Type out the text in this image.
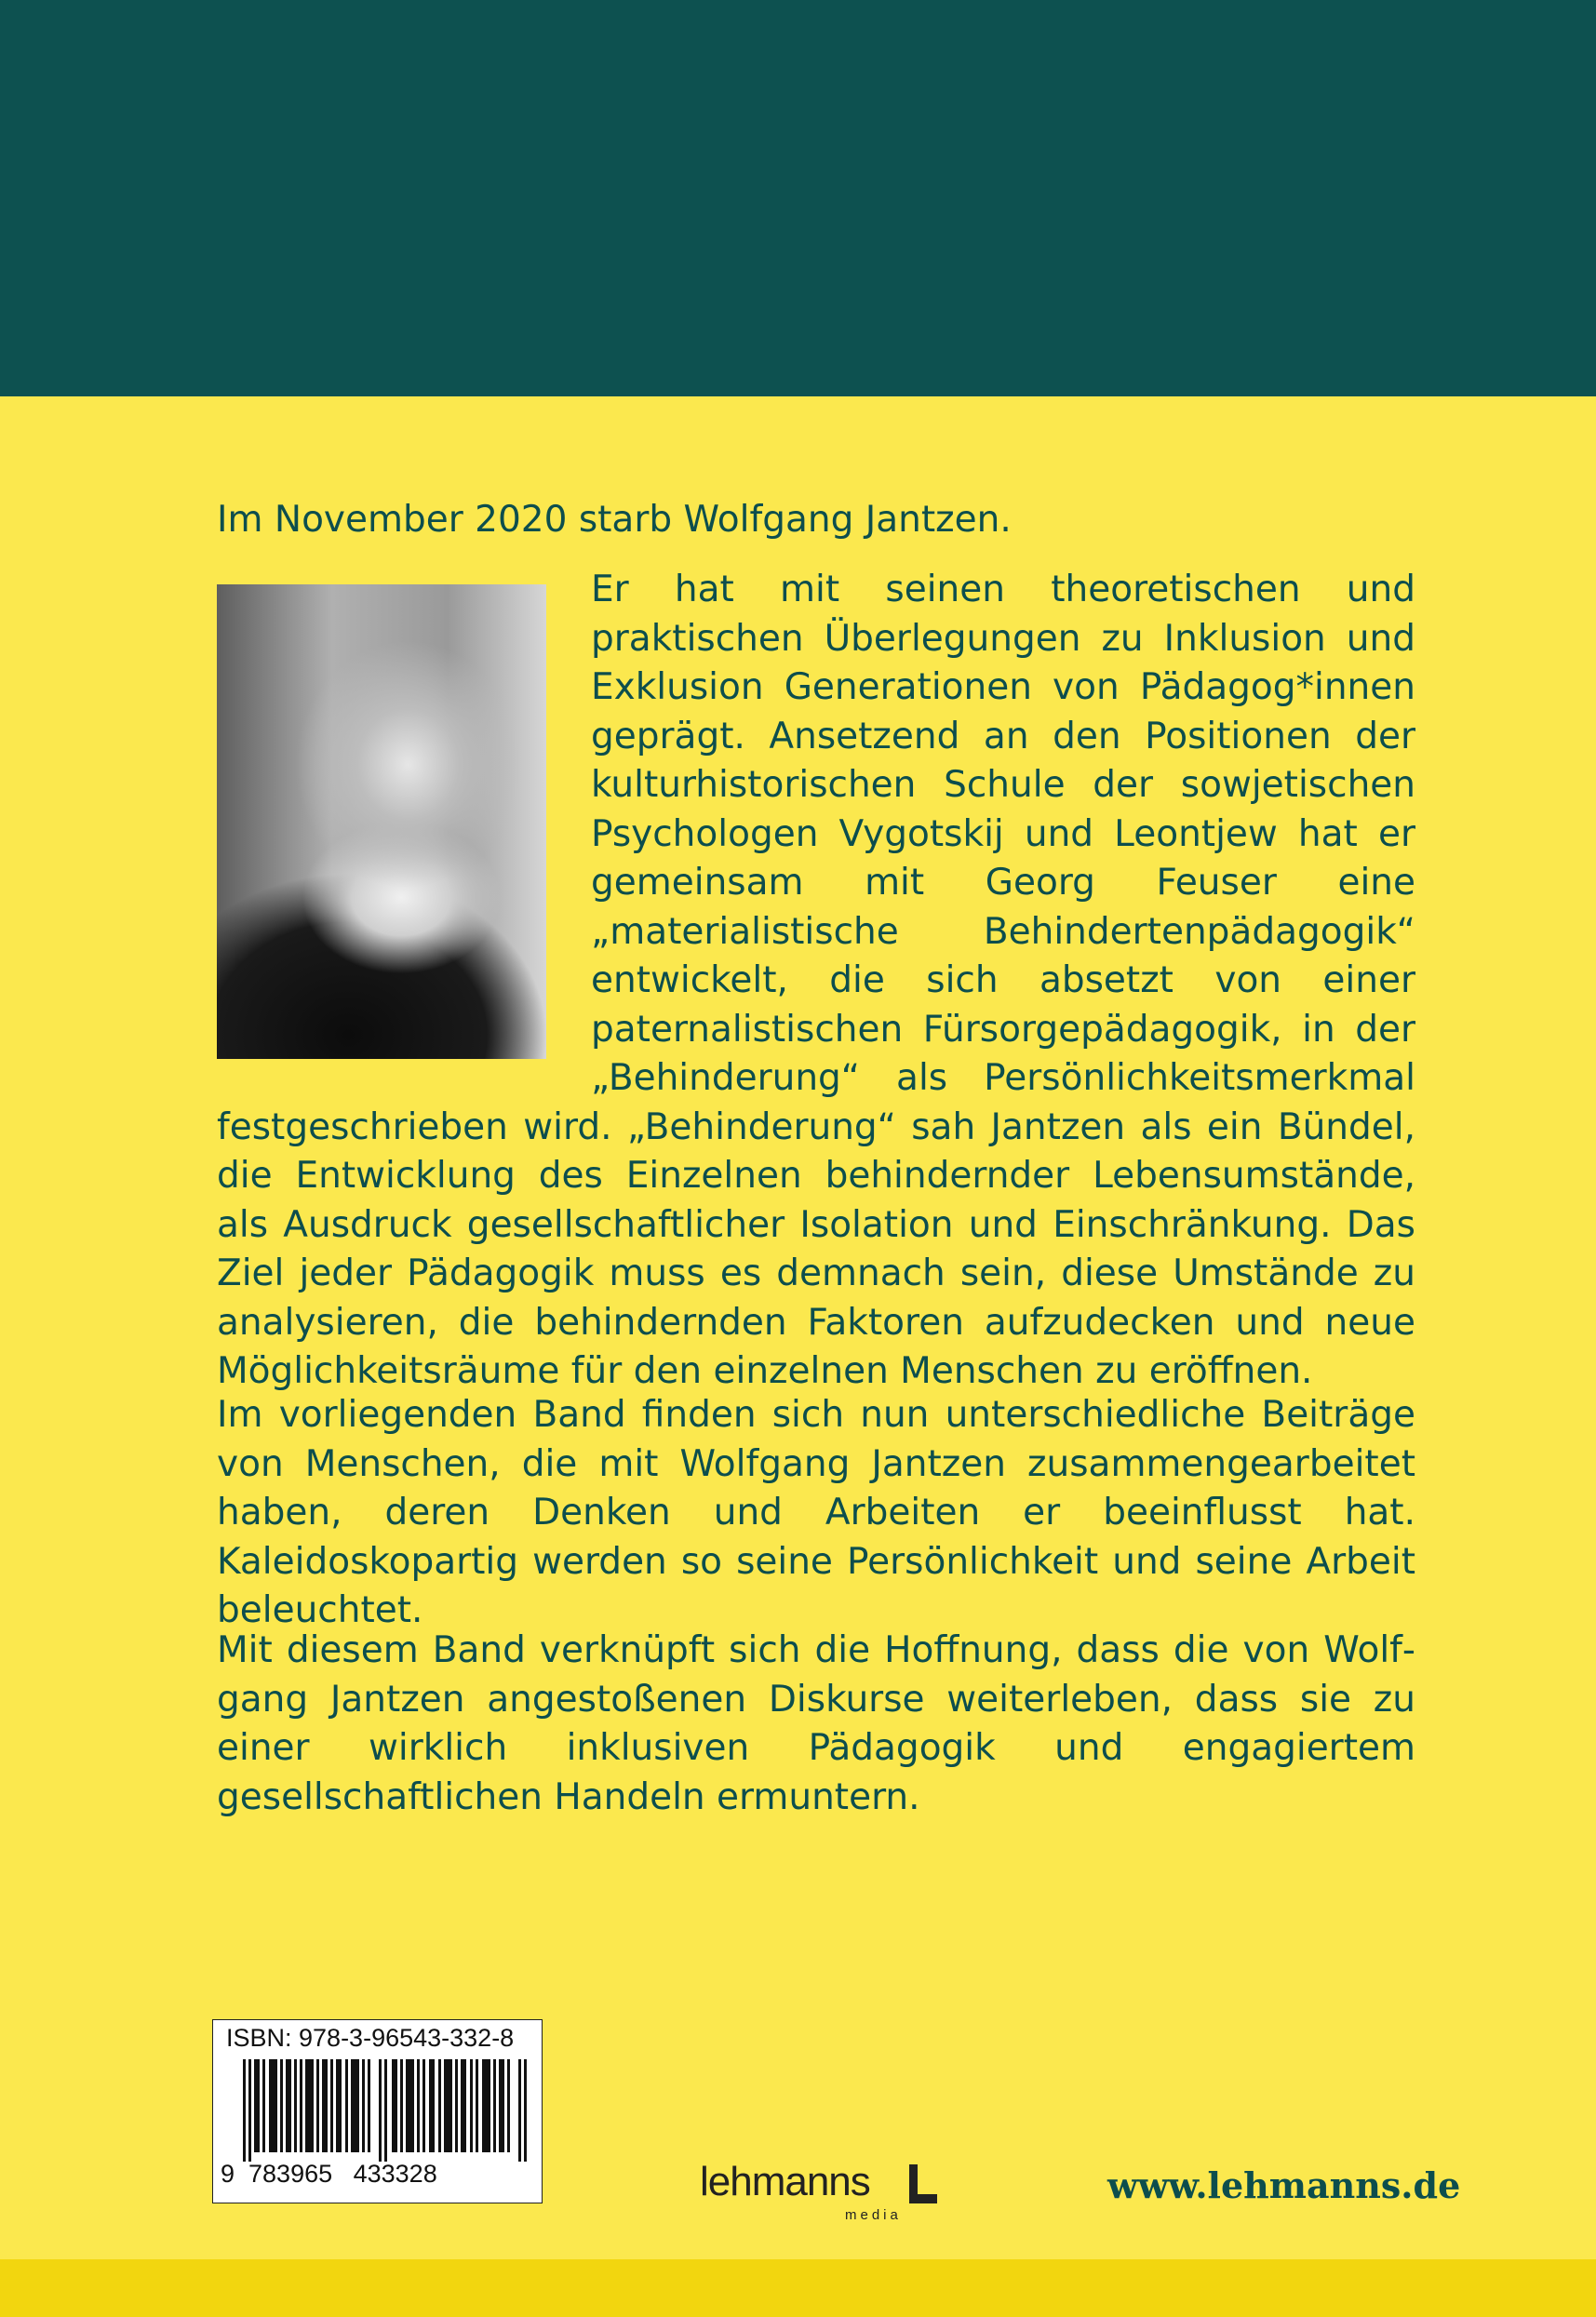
Im November 2020 starb Wolfgang Jantzen.

Er hat mit seinen theoretischen und praktischen Überlegungen zu Inklusion und Exklusion Generationen von Pädagog*innen geprägt. Ansetzend an den Positionen der kulturhistorischen Schule der sowjetischen Psychologen Vygotskij und Leontjew hat er gemeinsam mit Georg Feuser eine „materialistische Behindertenpädagogik“ entwickelt, die sich absetzt von einer paternalistischen Fürsorgepädagogik, in der „Behinderung“ als Persönlichkeitsmerkmal festgeschrieben wird. „Behinderung“ sah Jantzen als ein Bündel, die Entwicklung des Einzelnen behindernder Lebensumstände, als Ausdruck gesellschaftlicher Isolation und Einschränkung. Das Ziel jeder Pädagogik muss es demnach sein, diese Umstände zu analysieren, die behindernden Faktoren aufzudecken und neue Möglichkeitsräume für den einzelnen Menschen zu eröffnen.

Im vorliegenden Band finden sich nun unterschiedliche Beiträge von Menschen, die mit Wolfgang Jantzen zusammengearbeitet haben, deren Denken und Arbeiten er beeinflusst hat. Kaleidoskopartig werden so seine Persönlichkeit und seine Arbeit beleuchtet.

Mit diesem Band verknüpft sich die Hoffnung, dass die von Wolfgang Jantzen angestoßenen Diskurse weiterleben, dass sie zu einer wirklich inklusiven Pädagogik und engagiertem gesellschaftlichen Handeln ermuntern.

ISBN: 978-3-96543-332-8
9  783965   433328	lehmanns
media
www.lehmanns.de
